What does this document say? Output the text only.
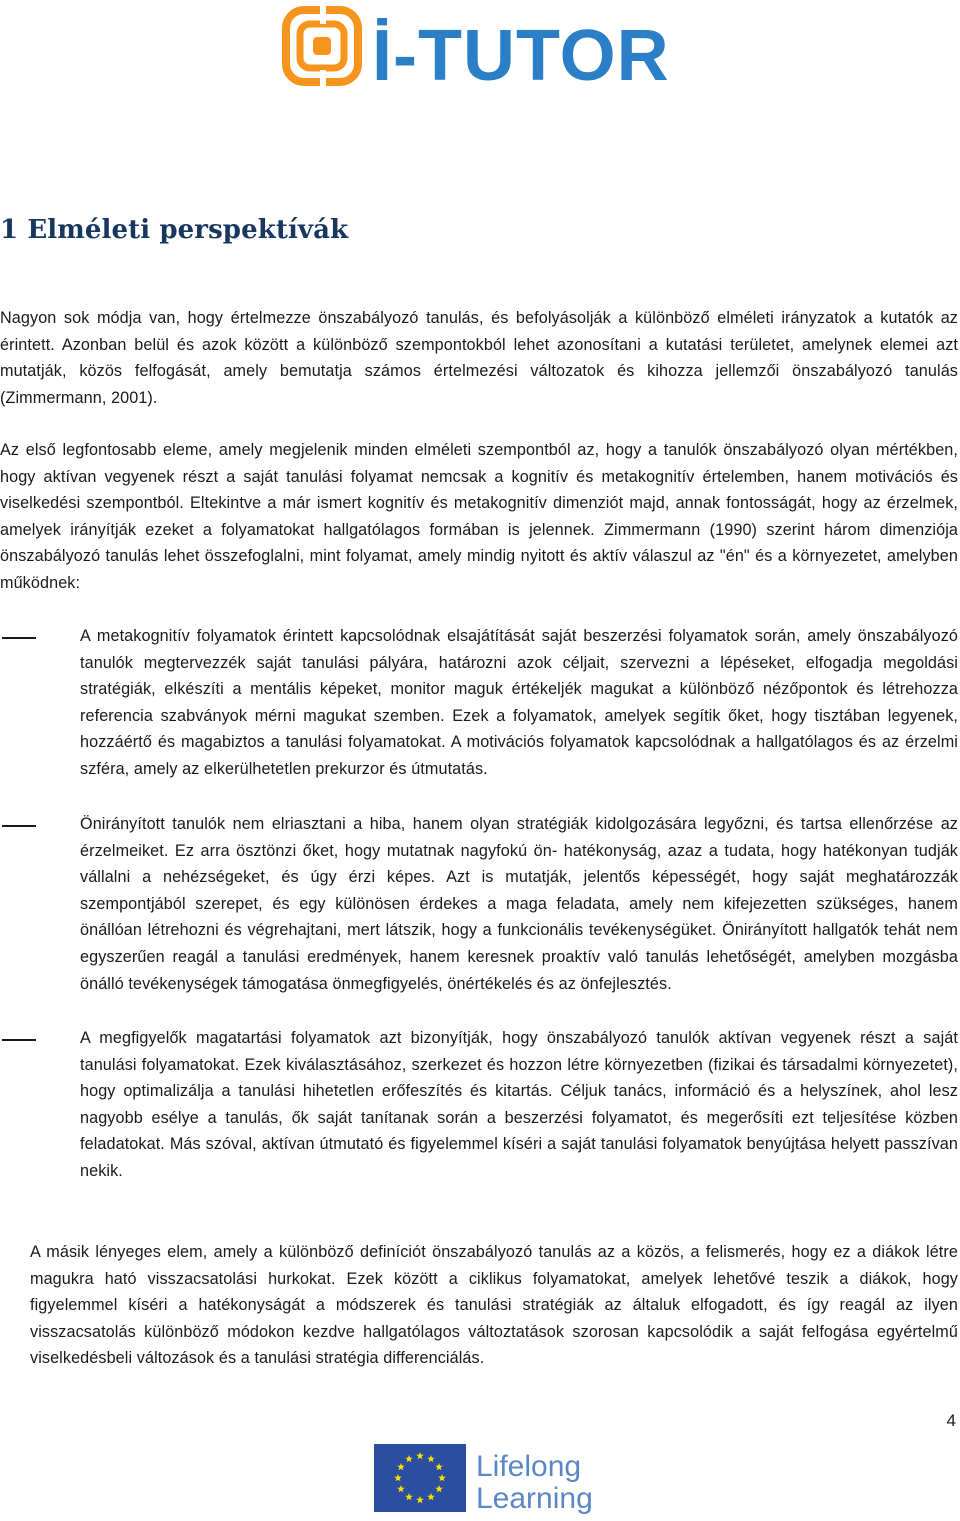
İ-TUTOR
1 Elméleti perspektívák

Nagyon sok módja van, hogy értelmezze önszabályozó tanulás, és befolyásolják a különböző elméleti irányzatok a kutatók az érintett. Azonban belül és azok között a különböző szempontokból lehet azonosítani a kutatási területet, amelynek elemei azt mutatják, közös felfogását, amely bemutatja számos értelmezési változatok és kihozza jellemzői önszabályozó tanulás (Zimmermann, 2001).

Az első legfontosabb eleme, amely megjelenik minden elméleti szempontból az, hogy a tanulók önszabályozó olyan mértékben, hogy aktívan vegyenek részt a saját tanulási folyamat nemcsak a kognitív és metakognitív értelemben, hanem motivációs és viselkedési szempontból. Eltekintve a már ismert kognitív és metakognitív dimenziót majd, annak fontosságát, hogy az érzelmek, amelyek irányítják ezeket a folyamatokat hallgatólagos formában is jelennek. Zimmermann (1990) szerint három dimenziója önszabályozó tanulás lehet összefoglalni, mint folyamat, amely mindig nyitott és aktív válaszul az "én" és a környezetet, amelyben működnek:

A metakognitív folyamatok érintett kapcsolódnak elsajátítását saját beszerzési folyamatok során, amely önszabályozó tanulók megtervezzék saját tanulási pályára, határozni azok céljait, szervezni a lépéseket, elfogadja megoldási stratégiák, elkészíti a mentális képeket, monitor maguk értékeljék magukat a különböző nézőpontok és létrehozza referencia szabványok mérni magukat szemben. Ezek a folyamatok, amelyek segítik őket, hogy tisztában legyenek, hozzáértő és magabiztos a tanulási folyamatokat. A motivációs folyamatok kapcsolódnak a hallgatólagos és az érzelmi szféra, amely az elkerülhetetlen prekurzor és útmutatás.

Önirányított tanulók nem elriasztani a hiba, hanem olyan stratégiák kidolgozására legyőzni, és tartsa ellenőrzése az érzelmeiket. Ez arra ösztönzi őket, hogy mutatnak nagyfokú ön- hatékonyság, azaz a tudata, hogy hatékonyan tudják vállalni a nehézségeket, és úgy érzi képes. Azt is mutatják, jelentős képességét, hogy saját meghatározzák szempontjából szerepet, és egy különösen érdekes a maga feladata, amely nem kifejezetten szükséges, hanem önállóan létrehozni és végrehajtani, mert látszik, hogy a funkcionális tevékenységüket. Önirányított hallgatók tehát nem egyszerűen reagál a tanulási eredmények, hanem keresnek proaktív való tanulás lehetőségét, amelyben mozgásba önálló tevékenységek támogatása önmegfigyelés, önértékelés és az önfejlesztés.

A megfigyelők magatartási folyamatok azt bizonyítják, hogy önszabályozó tanulók aktívan vegyenek részt a saját tanulási folyamatokat. Ezek kiválasztásához, szerkezet és hozzon létre környezetben (fizikai és társadalmi környezetet), hogy optimalizálja a tanulási hihetetlen erőfeszítés és kitartás. Céljuk tanács, információ és a helyszínek, ahol lesz nagyobb esélye a tanulás, ők saját tanítanak során a beszerzési folyamatot, és megerősíti ezt teljesítése közben feladatokat. Más szóval, aktívan útmutató és figyelemmel kíséri a saját tanulási folyamatok benyújtása helyett passzívan nekik.

A másik lényeges elem, amely a különböző definíciót önszabályozó tanulás az a közös, a felismerés, hogy ez a diákok létre magukra ható visszacsatolási hurkokat. Ezek között a ciklikus folyamatokat, amelyek lehetővé teszik a diákok, hogy figyelemmel kíséri a hatékonyságát a módszerek és tanulási stratégiák az általuk elfogadott, és így reagál az ilyen visszacsatolás különböző módokon kezdve hallgatólagos változtatások szorosan kapcsolódik a saját felfogása egyértelmű viselkedésbeli változások és a tanulási stratégia differenciálás.

4
Lifelong
Learning
